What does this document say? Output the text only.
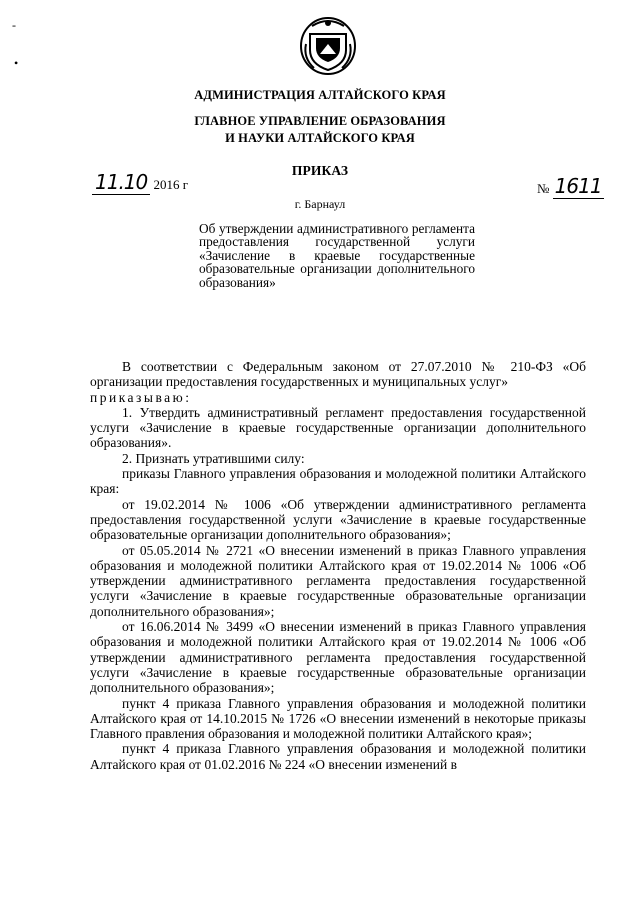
-
•
АДМИНИСТРАЦИЯ АЛТАЙСКОГО КРАЯ
ГЛАВНОЕ УПРАВЛЕНИЕ ОБРАЗОВАНИЯ
И НАУКИ АЛТАЙСКОГО КРАЯ
ПРИКАЗ
11.10 2016 г	№ 1611
г. Барнаул
Об утверждении административного регламента предоставления государственной услуги «Зачисление в краевые государственные образовательные организации дополнительного образования»

В соответствии с Федеральным законом от 27.07.2010 № 210-ФЗ «Об организации предоставления государственных и муниципальных услуг»

приказываю:

1. Утвердить административный регламент предоставления государственной услуги «Зачисление в краевые государственные организации дополнительного образования».

2. Признать утратившими силу:

приказы Главного управления образования и молодежной политики Алтайского края:

от 19.02.2014 № 1006 «Об утверждении административного регламента предоставления государственной услуги «Зачисление в краевые государственные образовательные организации дополнительного образования»;

от 05.05.2014 № 2721 «О внесении изменений в приказ Главного управления образования и молодежной политики Алтайского края от 19.02.2014 № 1006 «Об утверждении административного регламента предоставления государственной услуги «Зачисление в краевые государственные образовательные организации дополнительного образования»;

от 16.06.2014 № 3499 «О внесении изменений в приказ Главного управления образования и молодежной политики Алтайского края от 19.02.2014 № 1006 «Об утверждении административного регламента предоставления государственной услуги «Зачисление в краевые государственные образовательные организации дополнительного образования»;

пункт 4 приказа Главного управления образования и молодежной политики Алтайского края от 14.10.2015 № 1726 «О внесении изменений в некоторые приказы Главного правления образования и молодежной политики Алтайского края»;

пункт 4 приказа Главного управления образования и молодежной политики Алтайского края от 01.02.2016 № 224 «О внесении изменений в
